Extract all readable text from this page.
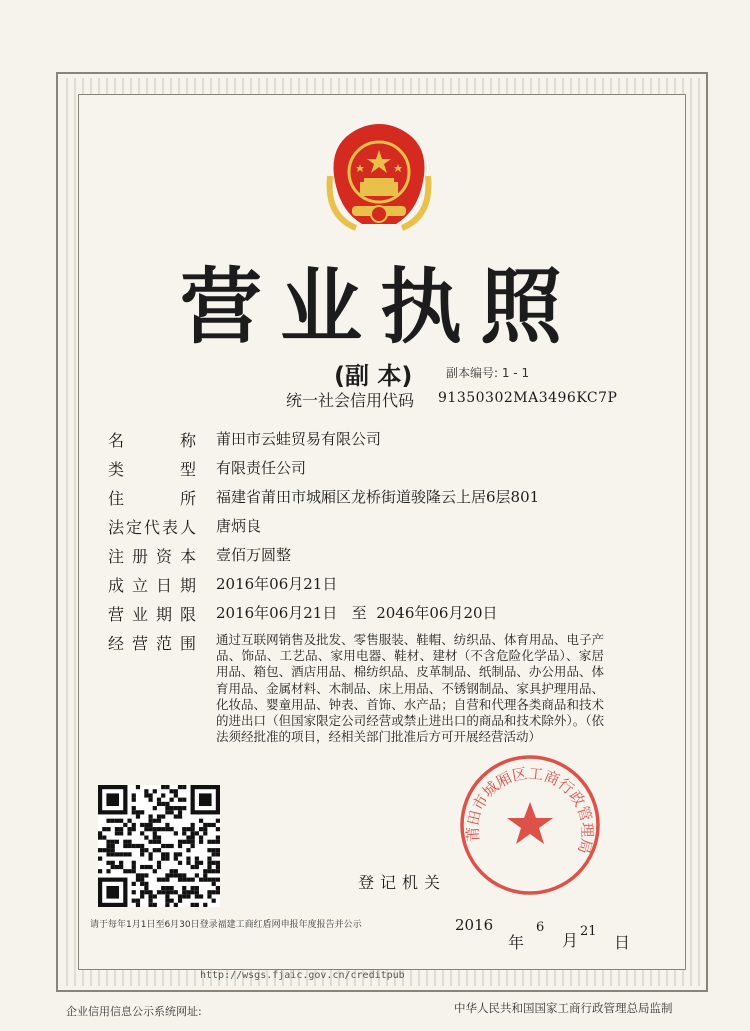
营业执照
(副 本)	副本编号: 1 - 1
统一社会信用代码 91350302MA3496KC7P
名	称 莆田市云蛙贸易有限公司
类	型 有限责任公司
住	所 福建省莆田市城厢区龙桥街道骏隆云上居6层801
法 定 代 表 人 唐炳良
注 册 资 本 壹佰万圆整
成 立 日 期 2016年06月21日
营 业 期 限 2016年06月21日   至  2046年06月20日
经 营 范 围 通过互联网销售及批发、零售服装、鞋帽、纺织品、体育用品、电子产品、饰品、工艺品、家用电器、鞋材、建材（不含危险化学品）、家居用品、箱包、酒店用品、棉纺织品、皮革制品、纸制品、办公用品、体育用品、金属材料、木制品、床上用品、不锈钢制品、家具护理用品、化妆品、婴童用品、钟表、首饰、水产品；自营和代理各类商品和技术的进出口（但国家限定公司经营或禁止进出口的商品和技术除外）。（依法须经批准的项目，经相关部门批准后方可开展经营活动）
莆田市城厢区工商行政管理局
登记机关
请于每年1月1日至6月30日登录福建工商红盾网申报年度报告并公示	2016
年
6
月 21
日
http://wsgs.fjaic.gov.cn/creditpub
企业信用信息公示系统网址:	中华人民共和国国家工商行政管理总局监制
